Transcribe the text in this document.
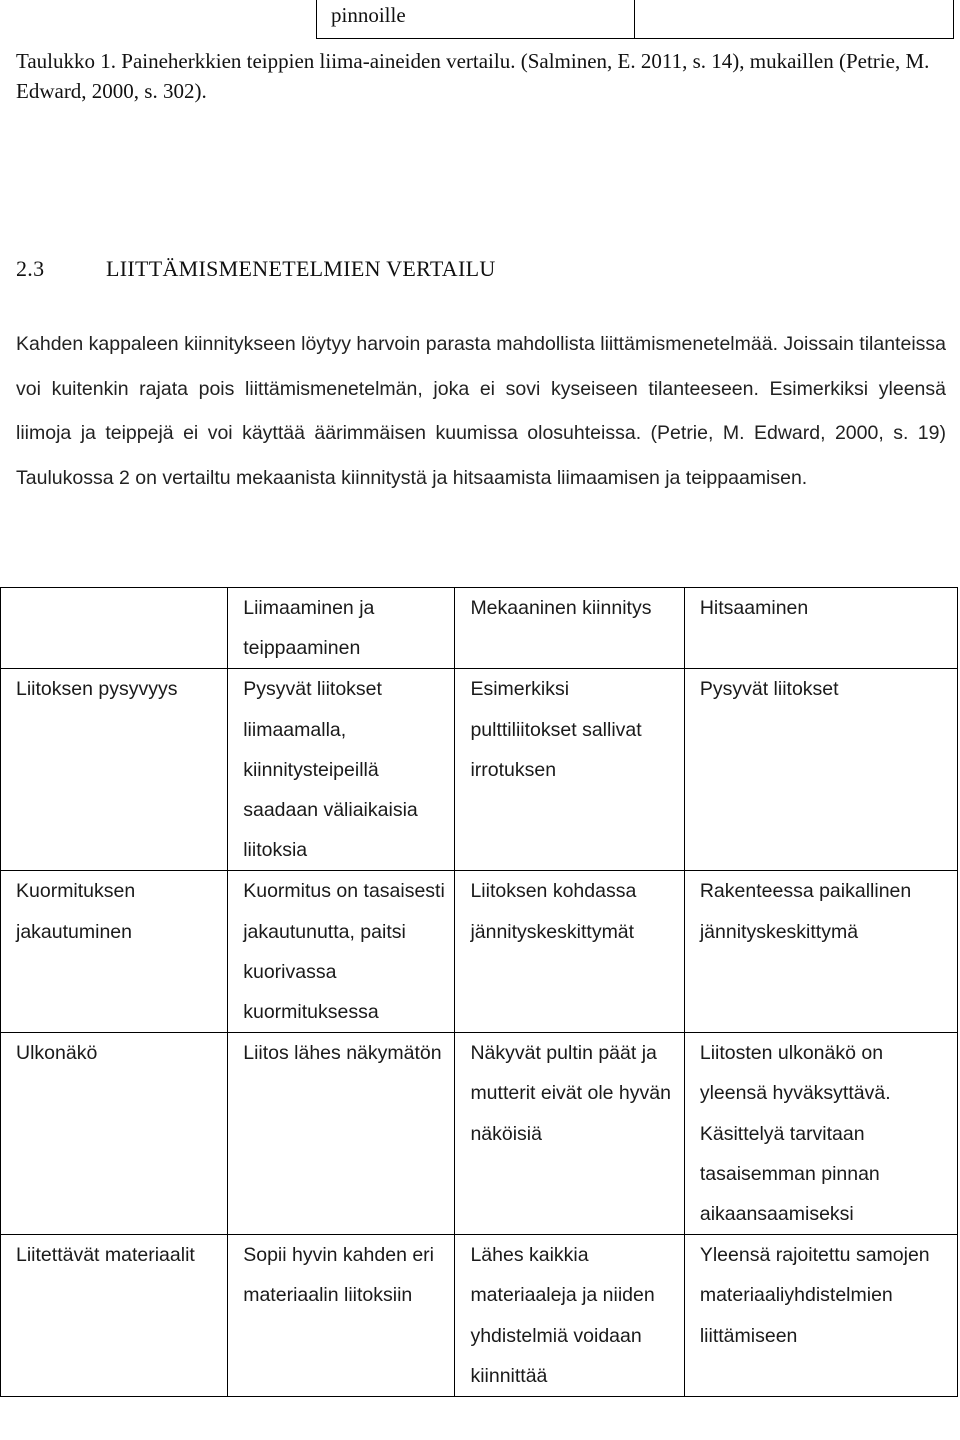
pinnoille
Taulukko 1. Paineherkkien teippien liima-aineiden vertailu. (Salminen, E. 2011, s. 14), mukaillen (Petrie, M. Edward, 2000, s. 302).
2.3	LIITTÄMISMENETELMIEN VERTAILU
Kahden kappaleen kiinnitykseen löytyy harvoin parasta mahdollista liittämismenetelmää. Joissain tilanteissa voi kuitenkin rajata pois liittämismenetelmän, joka ei sovi kyseiseen tilanteeseen. Esimerkiksi yleensä liimoja ja teippejä ei voi käyttää äärimmäisen kuumissa olosuhteissa. (Petrie, M. Edward, 2000, s. 19) Taulukossa 2 on vertailtu mekaanista kiinnitystä ja hitsaamista liimaamisen ja teippaamisen.
	Liimaaminen ja teippaaminen	Mekaaninen kiinnitys	Hitsaaminen
Liitoksen pysyvyys	Pysyvät liitokset liimaamalla, kiinnitysteipeillä saadaan väliaikaisia liitoksia	Esimerkiksi pulttiliitokset sallivat irrotuksen	Pysyvät liitokset
Kuormituksen jakautuminen	Kuormitus on tasaisesti jakautunutta, paitsi kuorivassa kuormituksessa	Liitoksen kohdassa jännityskeskittymät	Rakenteessa paikallinen jännityskeskittymä
Ulkonäkö	Liitos lähes näkymätön	Näkyvät pultin päät ja mutterit eivät ole hyvän näköisiä	Liitosten ulkonäkö on yleensä hyväksyttävä. Käsittelyä tarvitaan tasaisemman pinnan aikaansaamiseksi
Liitettävät materiaalit	Sopii hyvin kahden eri materiaalin liitoksiin	Lähes kaikkia materiaaleja ja niiden yhdistelmiä voidaan kiinnittää	Yleensä rajoitettu samojen materiaaliyhdistelmien liittämiseen
